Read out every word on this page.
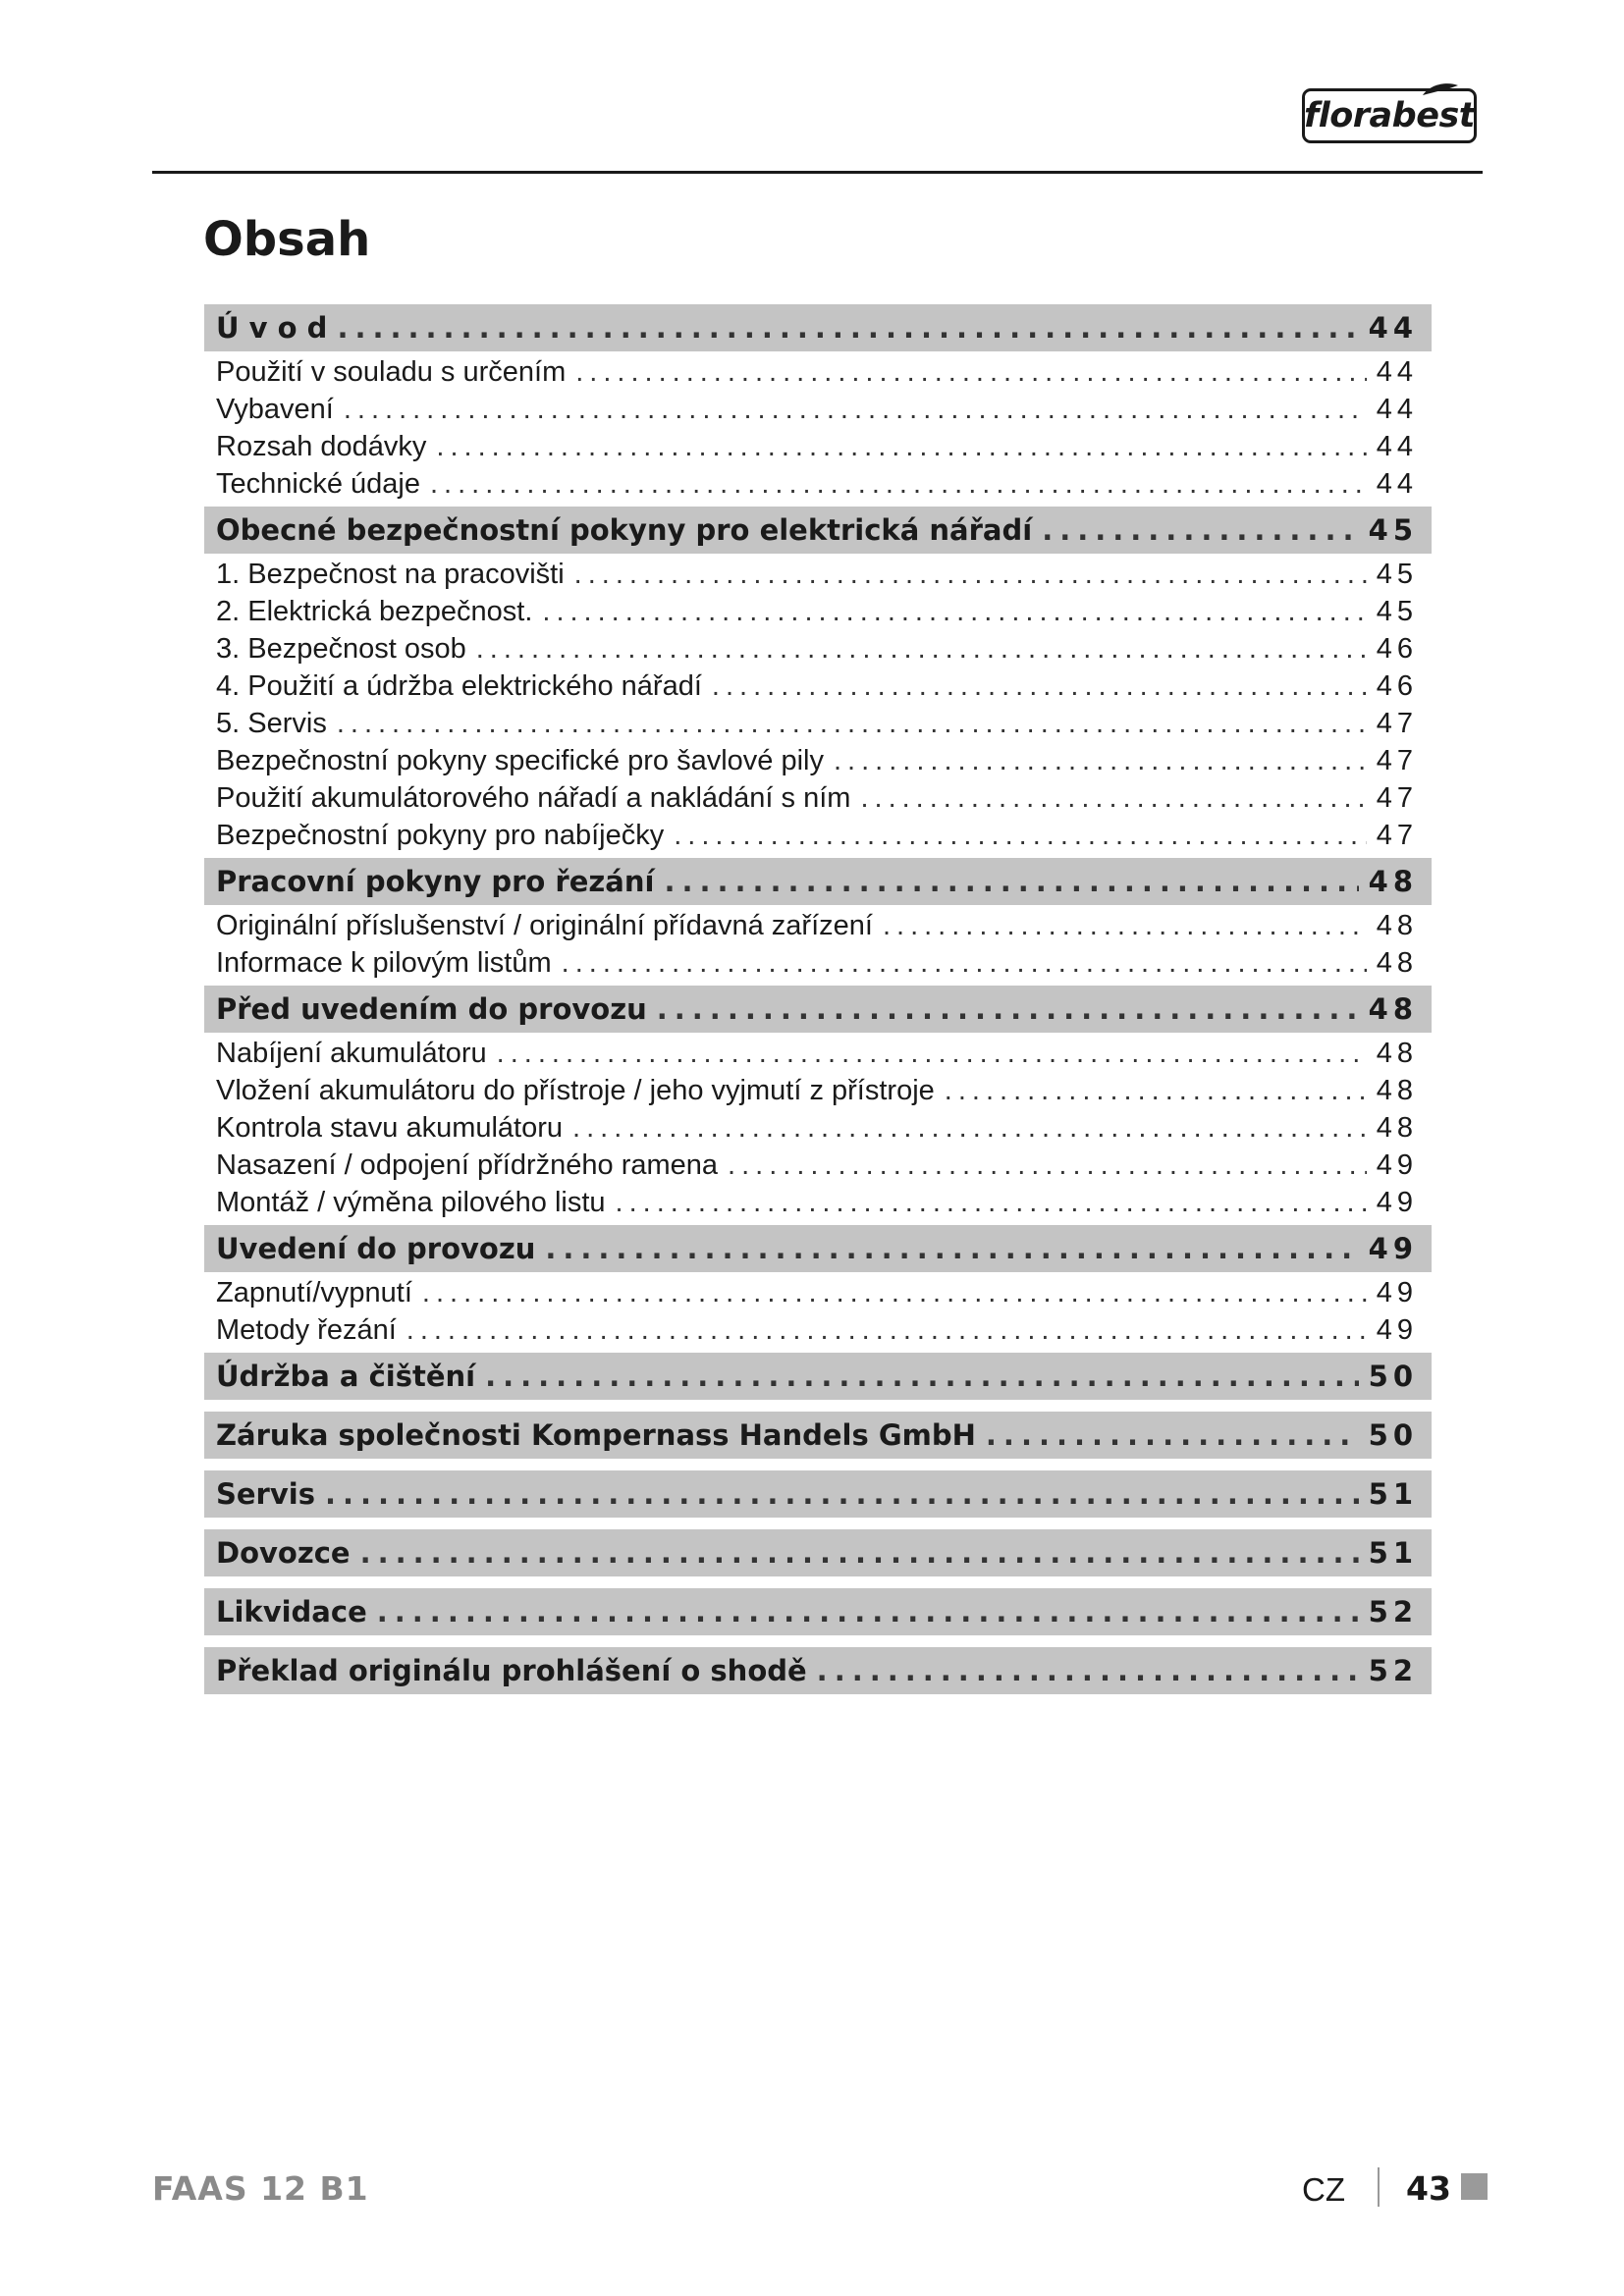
florabest
Obsah
Ú v o d .....	44
Použití v souladu s určením .....	44
Vybavení .....	44
Rozsah dodávky .....	44
Technické údaje .....	44
Obecné bezpečnostní pokyny pro elektrická nářadí .....	45
1. Bezpečnost na pracovišti .....	45
2. Elektrická bezpečnost. .....	45
3. Bezpečnost osob .....	46
4. Použití a údržba elektrického nářadí .....	46
5. Servis .....	47
Bezpečnostní pokyny specifické pro šavlové pily .....	47
Použití akumulátorového nářadí a nakládání s ním .....	47
Bezpečnostní pokyny pro nabíječky .....	47
Pracovní pokyny pro řezání .....	48
Originální příslušenství / originální přídavná zařízení .....	48
Informace k pilovým listům .....	48
Před uvedením do provozu .....	48
Nabíjení akumulátoru .....	48
Vložení akumulátoru do přístroje / jeho vyjmutí z přístroje .....	48
Kontrola stavu akumulátoru .....	48
Nasazení / odpojení přídržného ramena .....	49
Montáž / výměna pilového listu .....	49
Uvedení do provozu .....	49
Zapnutí/vypnutí .....	49
Metody řezání .....	49
Údržba a čištění .....	50
Záruka společnosti Kompernass Handels GmbH .....	50
Servis .....	51
Dovozce .....	51
Likvidace .....	52
Překlad originálu prohlášení o shodě .....	52
FAAS 12 B1	CZ 43
